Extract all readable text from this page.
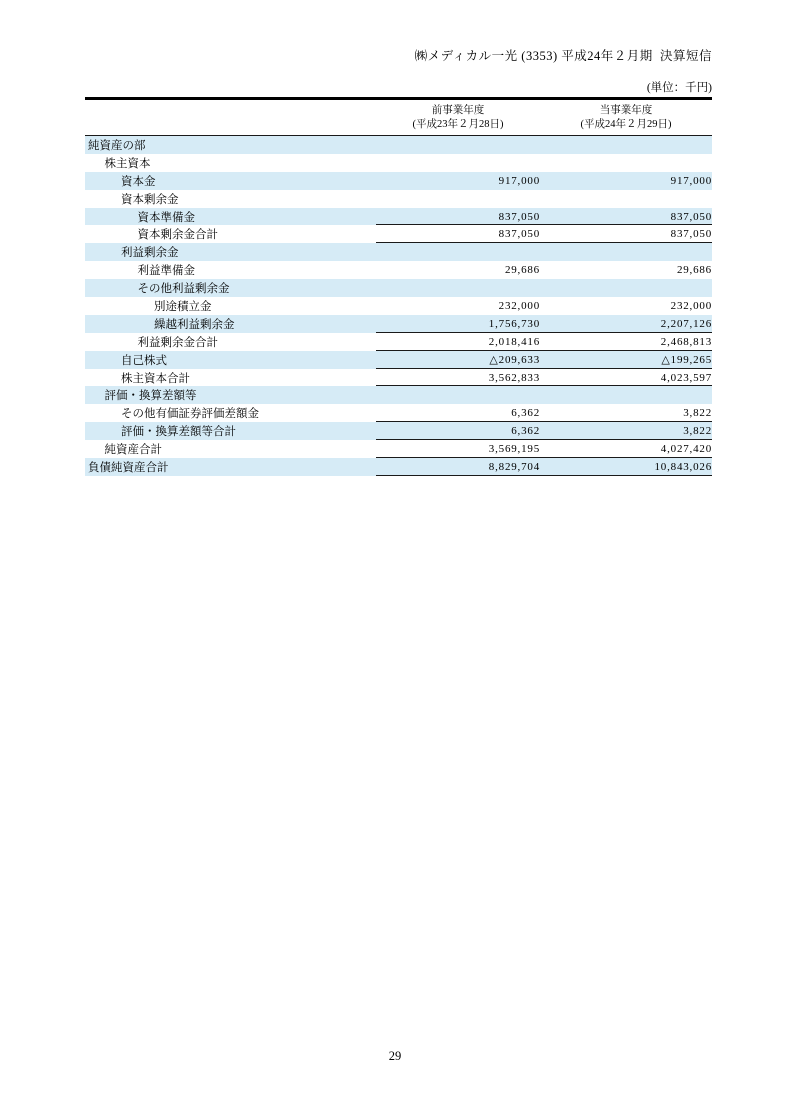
㈱メディカル一光 (3353) 平成24年２月期  決算短信
(単位：千円)
前事業年度
(平成23年２月28日)
当事業年度
(平成24年２月29日)
純資産の部
株主資本
資本金	917,000	917,000
資本剰余金
資本準備金	837,050	837,050
資本剰余金合計	837,050	837,050
利益剰余金
利益準備金	29,686	29,686
その他利益剰余金
別途積立金	232,000	232,000
繰越利益剰余金	1,756,730	2,207,126
利益剰余金合計	2,018,416	2,468,813
自己株式	△209,633	△199,265
株主資本合計	3,562,833	4,023,597
評価・換算差額等
その他有価証券評価差額金	6,362	3,822
評価・換算差額等合計	6,362	3,822
純資産合計	3,569,195	4,027,420
負債純資産合計	8,829,704	10,843,026
29
